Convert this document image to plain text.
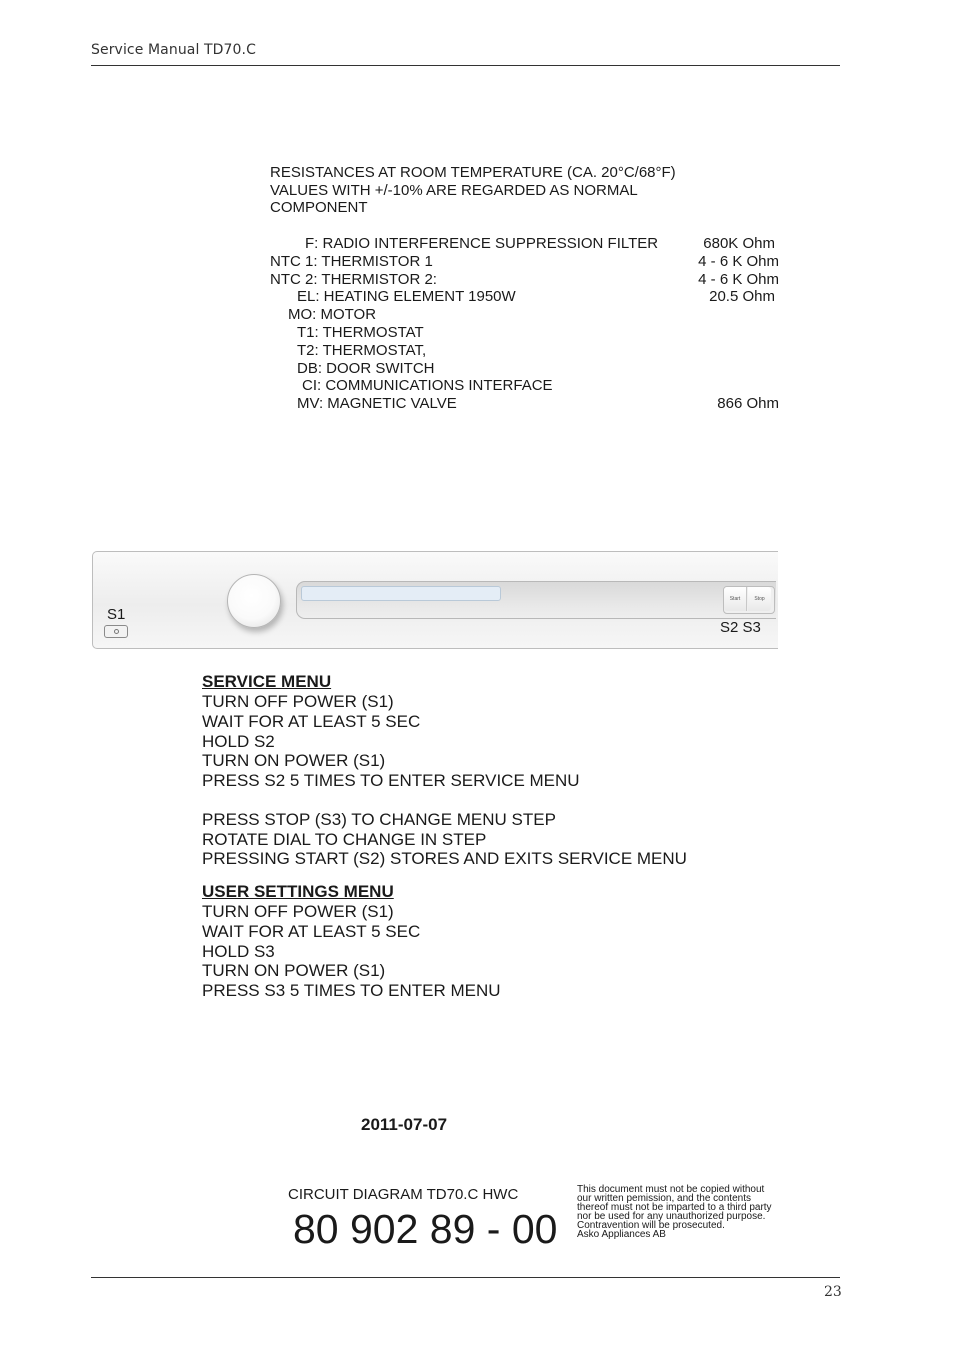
Service Manual TD70.C
RESISTANCES AT ROOM TEMPERATURE (CA. 20°C/68°F)
VALUES WITH +/-10% ARE REGARDED AS NORMAL
COMPONENT
F: RADIO INTERFERENCE SUPPRESSION FILTER	680K Ohm
NTC 1: THERMISTOR 1	4 - 6 K Ohm
NTC 2: THERMISTOR 2:	4 - 6 K Ohm
EL: HEATING ELEMENT 1950W	20.5 Ohm
MO: MOTOR
T1: THERMOSTAT
T2: THERMOSTAT,
DB: DOOR SWITCH
CI: COMMUNICATIONS INTERFACE
MV: MAGNETIC VALVE	866 Ohm
Start	Stop
S1
S2 S3
SERVICE MENU
TURN OFF POWER (S1)
WAIT FOR AT LEAST 5 SEC
HOLD S2
TURN ON POWER (S1)
PRESS S2 5 TIMES TO ENTER SERVICE MENU
PRESS STOP (S3) TO CHANGE MENU STEP
ROTATE DIAL TO CHANGE IN STEP
PRESSING START (S2) STORES AND EXITS SERVICE MENU
USER SETTINGS MENU
TURN OFF POWER (S1)
WAIT FOR AT LEAST 5 SEC
HOLD S3
TURN ON POWER (S1)
PRESS S3 5 TIMES TO ENTER MENU
2011-07-07
CIRCUIT DIAGRAM TD70.C HWC
80 902 89 - 00
This document must not be copied without
our written pemission, and the contents
thereof must not be imparted to a third party
nor be used for any unauthorized purpose.
Contravention will be prosecuted.
Asko Appliances AB
23
